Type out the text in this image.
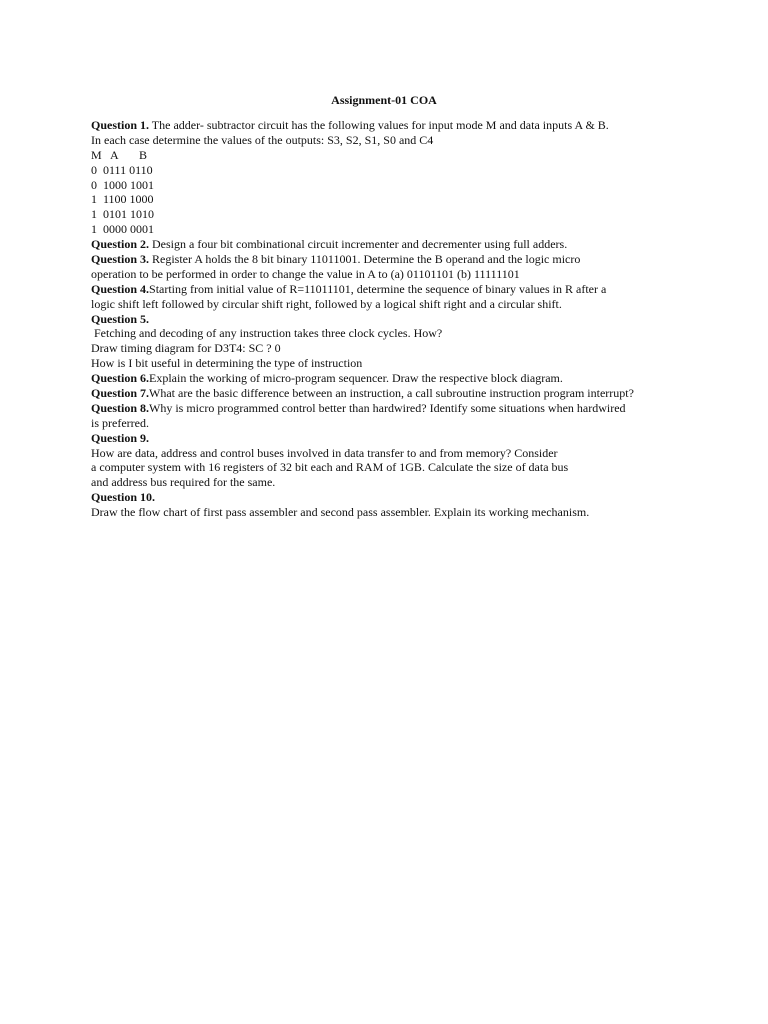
Assignment-01 COA
Question 1. The adder- subtractor circuit has the following values for input mode M and data inputs A & B.
In each case determine the values of the outputs: S3, S2, S1, S0 and C4
M   A       B
0  0111 0110
0  1000 1001
1  1100 1000
1  0101 1010
1  0000 0001
Question 2. Design a four bit combinational circuit incrementer and decrementer using full adders.
Question 3. Register A holds the 8 bit binary 11011001. Determine the B operand and the logic micro
operation to be performed in order to change the value in A to (a) 01101101 (b) 11111101
Question 4.Starting from initial value of R=11011101, determine the sequence of binary values in R after a
logic shift left followed by circular shift right, followed by a logical shift right and a circular shift.
Question 5.
Fetching and decoding of any instruction takes three clock cycles. How?
Draw timing diagram for D3T4: SC ? 0
How is I bit useful in determining the type of instruction
Question 6.Explain the working of micro-program sequencer. Draw the respective block diagram.
Question 7.What are the basic difference between an instruction, a call subroutine instruction program interrupt?
Question 8.Why is micro programmed control better than hardwired? Identify some situations when hardwired
is preferred.
Question 9.
How are data, address and control buses involved in data transfer to and from memory? Consider
a computer system with 16 registers of 32 bit each and RAM of 1GB. Calculate the size of data bus
and address bus required for the same.
Question 10.
Draw the flow chart of first pass assembler and second pass assembler. Explain its working mechanism.
